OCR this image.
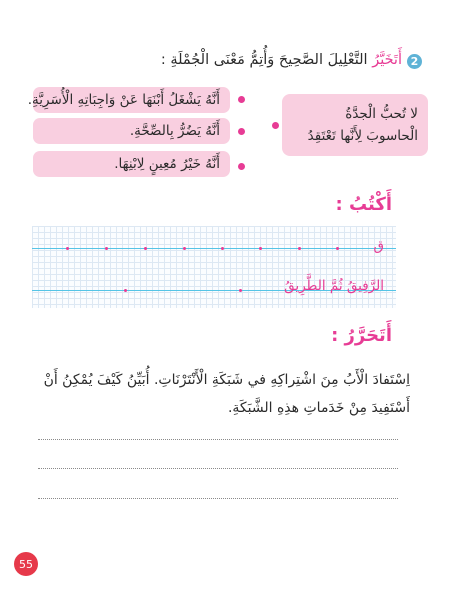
2
أَتَخَيَّرُ التَّعْلِيلَ الصَّحِيحَ وَأُتِمُّ مَعْنَى الْجُمْلَةِ :
لا تُحبُّ الْجدَّةُ
الْحاسوبَ لِأَنَّها تَعْتَقِدُ
أَنَّهُ يَشْغَلُ أَبْنَهَا عَنْ وَاجِبَاتِهِ الْأُسَرِيَّةِ.
أَنَّهُ يَضُرُّ بِالصِّحَّةِ.
أَنَّهُ خَيْرُ مُعِينٍ لِابْنِهَا.
أَكْتُبُ :
ق
الرَّفِيقُ ثُمَّ الطَّرِيقُ
أَتَحَرَّرُ :
اِسْتَفادَ الْأَبُ مِنَ اشْتِراكِهِ في شَبَكَةِ الْأَنْتَرْنَاتِ. أُبَيِّنُ كَيْفَ يُمْكِنُ أَنْ
أَسْتَفِيدَ مِنْ خَدَماتِ هذِهِ الشَّبَكَةِ.
55
